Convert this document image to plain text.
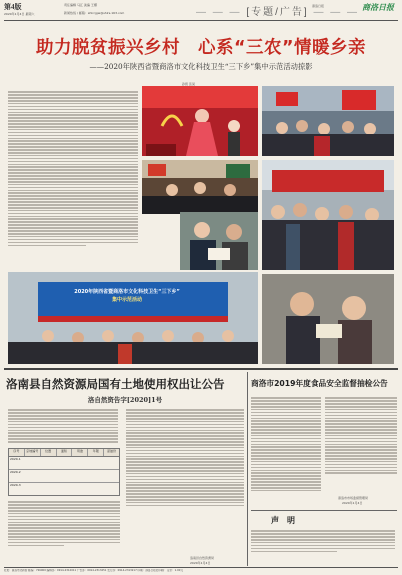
第4版
2020年1月4日 星期六
责任编辑 马江 美编 王娜
新闻热线 / 邮箱：shlrcjgw@shlrs.163.com	— — — [专题/广告] — — —
商洛日报	商洛日报
助力脱贫振兴乡村　心系“三农”情暖乡亲
——2020年陕西省暨商洛市文化科技卫生“三下乡”集中示范活动掠影
孙毅 张昊
2020年陕西省暨商洛市文化科技卫生“三下乡”
集中示范活动
洛南县自然资源局国有土地使用权出让公告
洛自然资告字[2020]1号
序号	宗地编号	位置	面积	用途	年限	起始价
2020-1
2020-2
2020-3
洛南县自然资源局
2020年1月4日
商洛市2019年度食品安全监督抽检公告
商洛市市场监督管理局
2020年1月4日
声　明
社址：商洛市北新街 邮编：726000 编辑部：0914-2312011 广告部：0914-2313251 发行部：0914-2313217 印刷：商洛日报社印刷厂 定价：1.00元
